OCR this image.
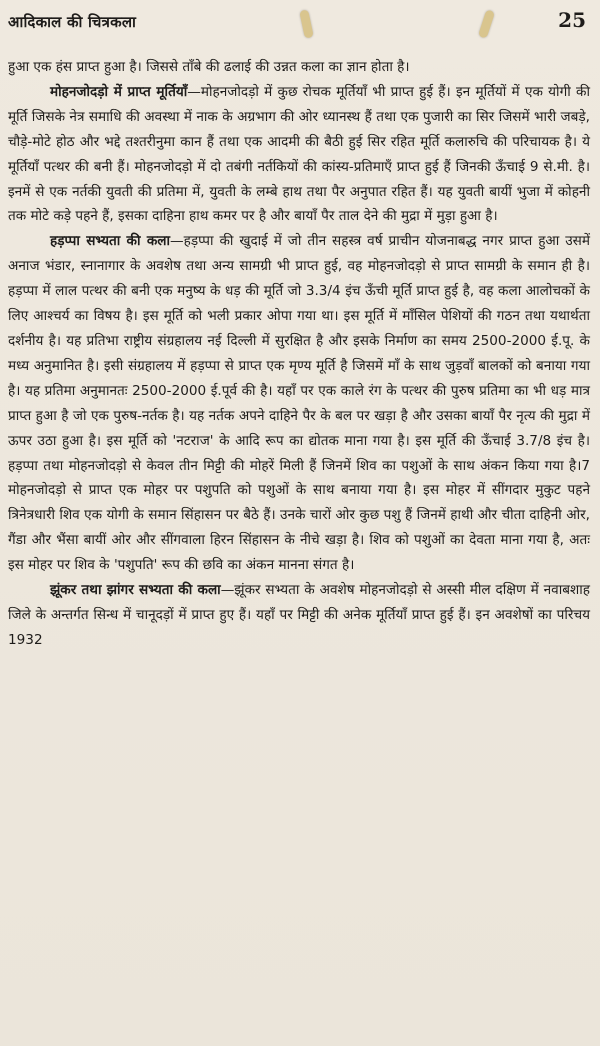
आदिकाल की चित्रकला	25

हुआ एक हंस प्राप्त हुआ है। जिससे ताँबे की ढलाई की उन्नत कला का ज्ञान होता है।

मोहनजोदड़ो में प्राप्त मूर्तियाँ—मोहनजोदड़ो में कुछ रोचक मूर्तियाँ भी प्राप्त हुई हैं। इन मूर्तियों में एक योगी की मूर्ति जिसके नेत्र समाधि की अवस्था में नाक के अग्रभाग की ओर ध्यानस्थ हैं तथा एक पुजारी का सिर जिसमें भारी जबड़े, चौड़े-मोटे होठ और भद्दे तश्तरीनुमा कान हैं तथा एक आदमी की बैठी हुई सिर रहित मूर्ति कलारुचि की परिचायक है। ये मूर्तियाँ पत्थर की बनी हैं। मोहनजोदड़ो में दो तबंगी नर्तकियों की कांस्य-प्रतिमाएँ प्राप्त हुई हैं जिनकी ऊँचाई 9 से.मी. है। इनमें से एक नर्तकी युवती की प्रतिमा में, युवती के लम्बे हाथ तथा पैर अनुपात रहित हैं। यह युवती बायीं भुजा में कोहनी तक मोटे कड़े पहने हैं, इसका दाहिना हाथ कमर पर है और बायाँ पैर ताल देने की मुद्रा में मुड़ा हुआ है।

हड़प्पा सभ्यता की कला—हड़प्पा की खुदाई में जो तीन सहस्त्र वर्ष प्राचीन योजनाबद्ध नगर प्राप्त हुआ उसमें अनाज भंडार, स्नानागार के अवशेष तथा अन्य सामग्री भी प्राप्त हुई, वह मोहनजोदड़ो से प्राप्त सामग्री के समान ही है। हड़प्पा में लाल पत्थर की बनी एक मनुष्य के धड़ की मूर्ति जो 3.3/4 इंच ऊँची मूर्ति प्राप्त हुई है, वह कला आलोचकों के लिए आश्चर्य का विषय है। इस मूर्ति को भली प्रकार ओपा गया था। इस मूर्ति में माँसिल पेशियों की गठन तथा यथार्थता दर्शनीय है। यह प्रतिभा राष्ट्रीय संग्रहालय नई दिल्ली में सुरक्षित है और इसके निर्माण का समय 2500-2000 ई.पू. के मध्य अनुमानित है। इसी संग्रहालय में हड़प्पा से प्राप्त एक मृण्य मूर्ति है जिसमें माँ के साथ जुड़वाँ बालकों को बनाया गया है। यह प्रतिमा अनुमानतः 2500-2000 ई.पूर्व की है। यहाँ पर एक काले रंग के पत्थर की पुरुष प्रतिमा का भी धड़ मात्र प्राप्त हुआ है जो एक पुरुष-नर्तक है। यह नर्तक अपने दाहिने पैर के बल पर खड़ा है और उसका बायाँ पैर नृत्य की मुद्रा में ऊपर उठा हुआ है। इस मूर्ति को 'नटराज' के आदि रूप का द्योतक माना गया है। इस मूर्ति की ऊँचाई 3.7/8 इंच है। हड़प्पा तथा मोहनजोदड़ो से केवल तीन मिट्टी की मोहरें मिली हैं जिनमें शिव का पशुओं के साथ अंकन किया गया है।7 मोहनजोदड़ो से प्राप्त एक मोहर पर पशुपति को पशुओं के साथ बनाया गया है। इस मोहर में सींगदार मुकुट पहने त्रिनेत्रधारी शिव एक योगी के समान सिंहासन पर बैठे हैं। उनके चारों ओर कुछ पशु हैं जिनमें हाथी और चीता दाहिनी ओर, गैंडा और भैंसा बायीं ओर और सींगवाला हिरन सिंहासन के नीचे खड़ा है। शिव को पशुओं का देवता माना गया है, अतः इस मोहर पर शिव के 'पशुपति' रूप की छवि का अंकन मानना संगत है।

झूंकर तथा झांगर सभ्यता की कला—झूंकर सभ्यता के अवशेष मोहनजोदड़ो से अस्सी मील दक्षिण में नवाबशाह जिले के अन्तर्गत सिन्ध में चानूदड़ों में प्राप्त हुए हैं। यहाँ पर मिट्टी की अनेक मूर्तियाँ प्राप्त हुई हैं। इन अवशेषों का परिचय 1932
